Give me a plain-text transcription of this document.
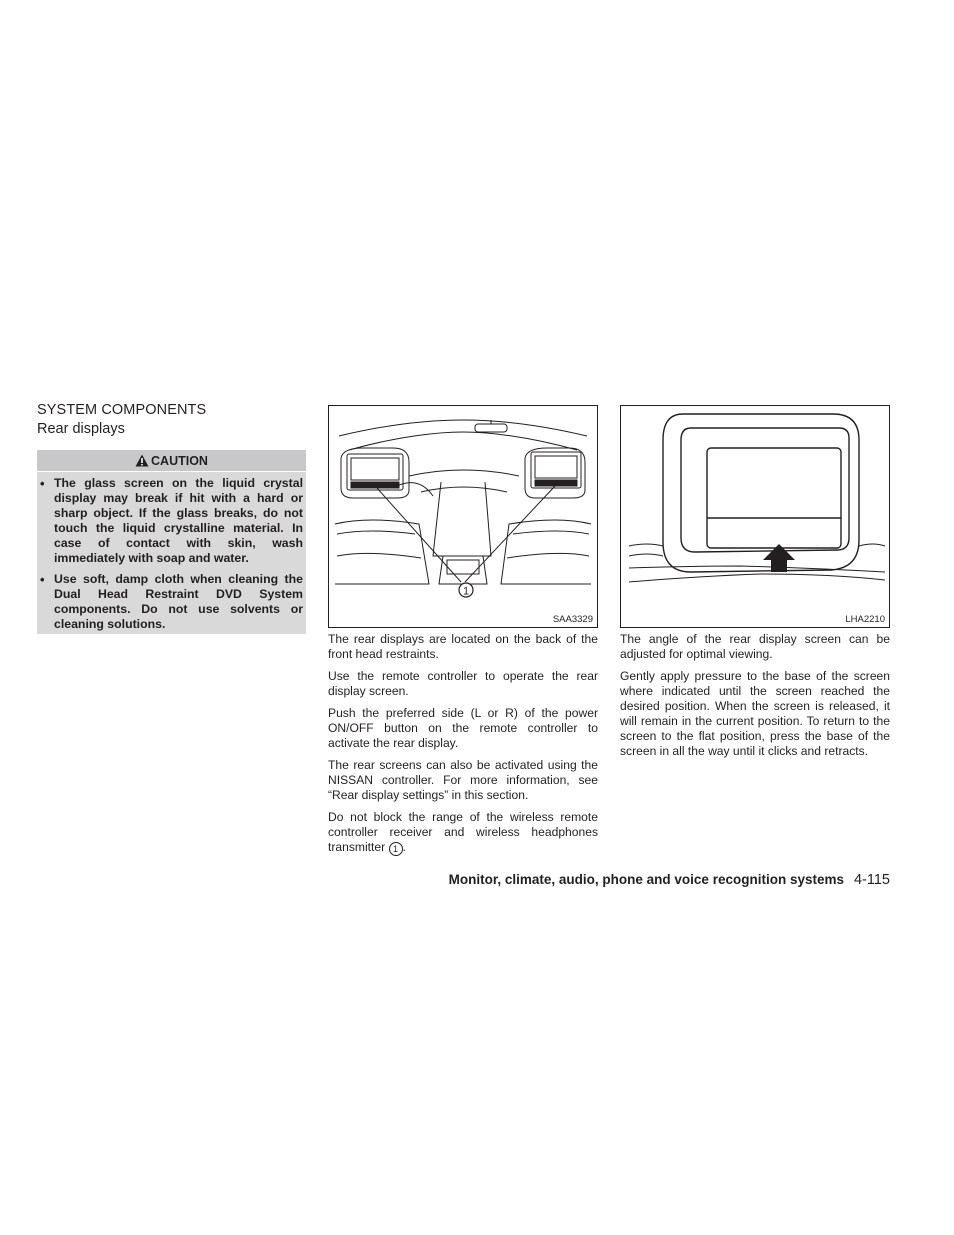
SYSTEM COMPONENTS
Rear displays
CAUTION
• The glass screen on the liquid crystal display may break if hit with a hard or sharp object. If the glass breaks, do not touch the liquid crystalline material. In case of contact with skin, wash immediately with soap and water.
• Use soft, damp cloth when cleaning the Dual Head Restraint DVD System components. Do not use solvents or cleaning solutions.
1
SAA3329	LHA2210

The rear displays are located on the back of the front head restraints.

Use the remote controller to operate the rear display screen.

Push the preferred side (L or R) of the power ON/OFF button on the remote controller to activate the rear display.

The rear screens can also be activated using the NISSAN controller. For more information, see “Rear display settings” in this section.

Do not block the range of the wireless remote controller receiver and wireless headphones transmitter 1 .

The angle of the rear display screen can be adjusted for optimal viewing.

Gently apply pressure to the base of the screen where indicated until the screen reached the desired position. When the screen is released, it will remain in the current position. To return to the screen to the flat position, press the base of the screen in all the way until it clicks and retracts.

Monitor, climate, audio, phone and voice recognition systems 4-115
